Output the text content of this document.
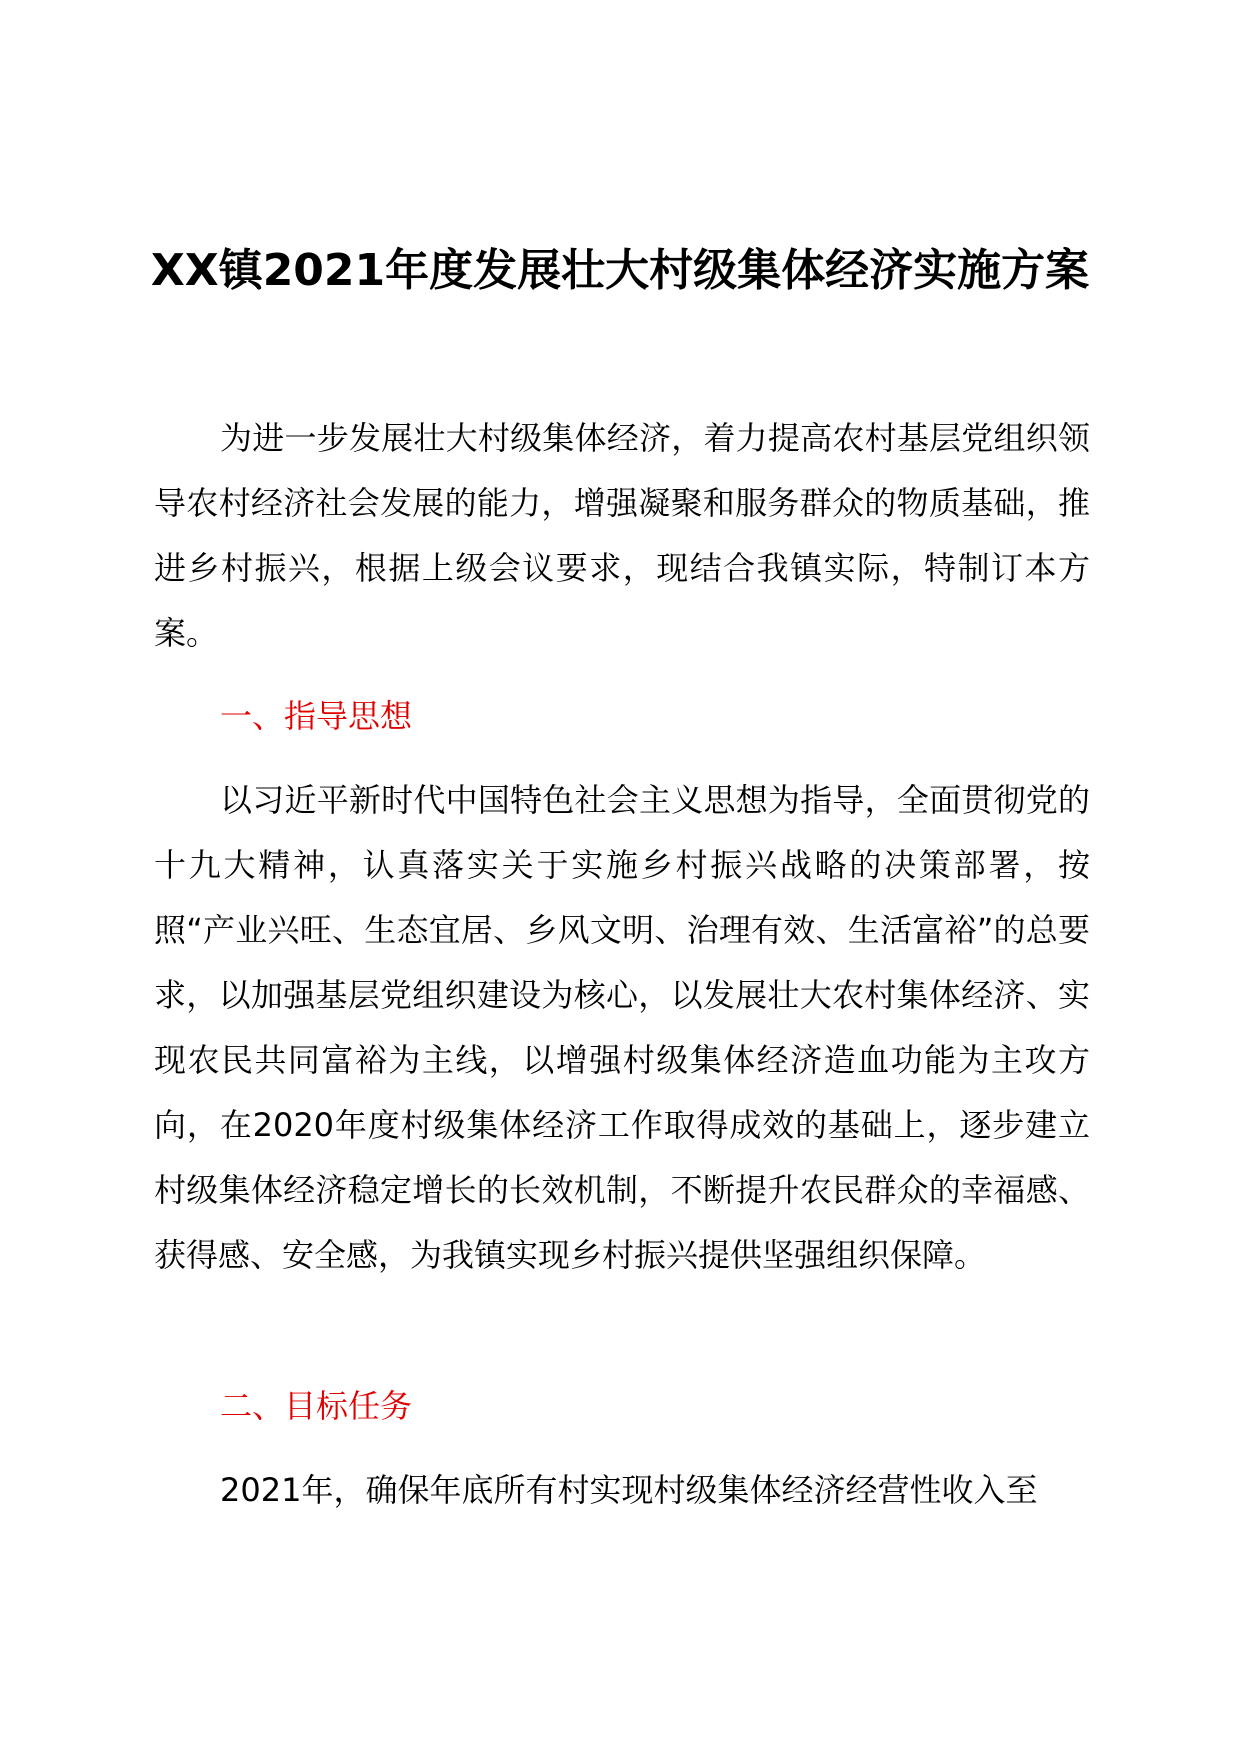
XX镇2021年度发展壮大村级集体经济实施方案

为进一步发展壮大村级集体经济，着力提高农村基层党组织领导农村经济社会发展的能力，增强凝聚和服务群众的物质基础，推进乡村振兴，根据上级会议要求，现结合我镇实际，特制订本方案。

一、指导思想

以习近平新时代中国特色社会主义思想为指导，全面贯彻党的十九大精神，认真落实关于实施乡村振兴战略的决策部署，按照“产业兴旺、生态宜居、乡风文明、治理有效、生活富裕”的总要求，以加强基层党组织建设为核心，以发展壮大农村集体经济、实现农民共同富裕为主线，以增强村级集体经济造血功能为主攻方向，在2020年度村级集体经济工作取得成效的基础上，逐步建立村级集体经济稳定增长的长效机制，不断提升农民群众的幸福感、获得感、安全感，为我镇实现乡村振兴提供坚强组织保障。

二、目标任务

2021年，确保年底所有村实现村级集体经济经营性收入至
